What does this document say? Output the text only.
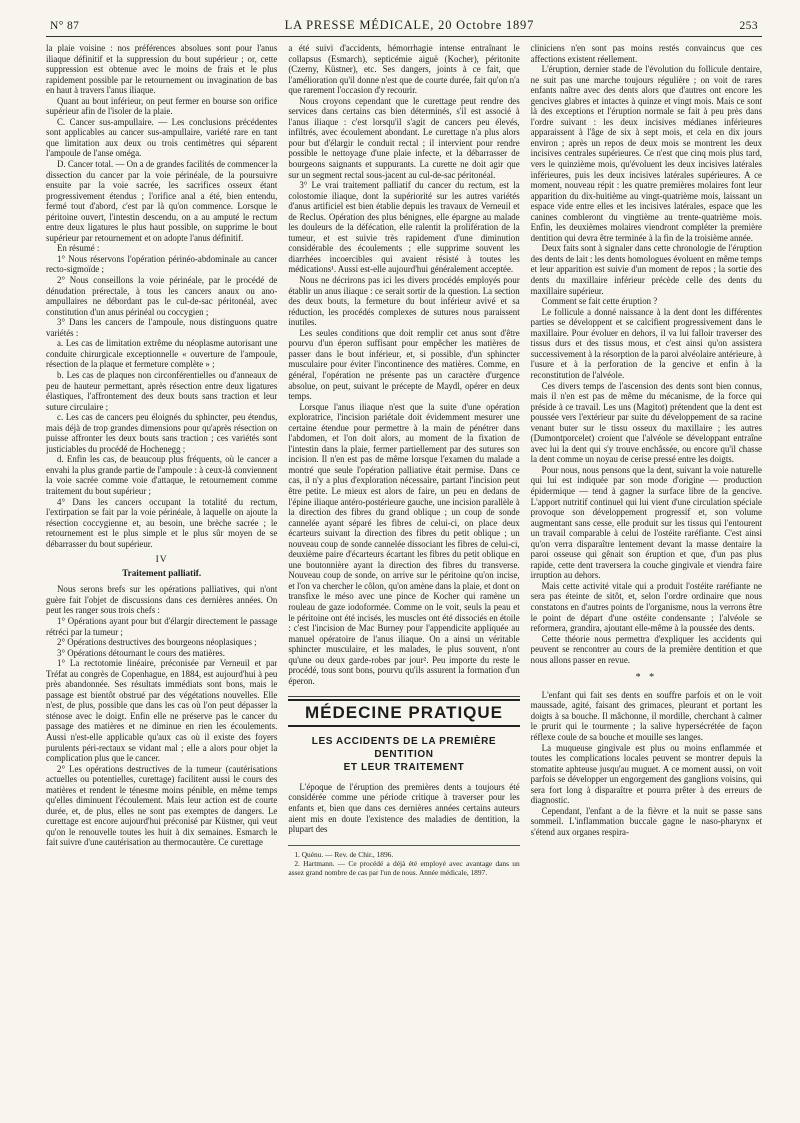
N° 87	LA PRESSE MÉDICALE, 20 Octobre 1897	253

la plaie voisine : nos préférences absolues sont pour l'anus iliaque définitif et la suppression du bout supérieur ; or, cette suppression est obtenue avec le moins de frais et le plus rapidement possible par le retournement ou invagination de bas en haut à travers l'anus iliaque.

Quant au bout inférieur, on peut fermer en bourse son orifice supérieur afin de l'isoler de la plaie.

C. Cancer sus-ampullaire. — Les conclusions précédentes sont applicables au cancer sus-ampullaire, variété rare en tant que limitation aux deux ou trois centimètres qui séparent l'ampoule de l'anse oméga.

D. Cancer total. — On a de grandes facilités de commencer la dissection du cancer par la voie périnéale, de la poursuivre ensuite par la voie sacrée, les sacrifices osseux étant progressivement étendus ; l'orifice anal a été, bien entendu, fermé tout d'abord, c'est par là qu'on commence. Lorsque le péritoine ouvert, l'intestin descendu, on a au amputé le rectum entre deux ligatures le plus haut possible, on supprime le bout supérieur par retournement et on adopte l'anus définitif.

En résumé :

1° Nous réservons l'opération périnéo-abdominale au cancer recto-sigmoïde ;

2° Nous conseillons la voie périnéale, par le procédé de dénudation prérectale, à tous les cancers anaux ou ano-ampullaires ne débordant pas le cul-de-sac péritonéal, avec constitution d'un anus périnéal ou coccygien ;

3° Dans les cancers de l'ampoule, nous distinguons quatre variétés :

a. Les cas de limitation extrême du néoplasme autorisant une conduite chirurgicale exceptionnelle « ouverture de l'ampoule, résection de la plaque et fermeture complète » ;

b. Les cas de plaques non circonférentielles ou d'anneaux de peu de hauteur permettant, après résection entre deux ligatures élastiques, l'affrontement des deux bouts sans traction et leur suture circulaire ;

c. Les cas de cancers peu éloignés du sphincter, peu étendus, mais déjà de trop grandes dimensions pour qu'après résection on puisse affronter les deux bouts sans traction ; ces variétés sont justiciables du procédé de Hochenegg ;

d. Enfin les cas, de beaucoup plus fréquents, où le cancer a envahi la plus grande partie de l'ampoule : à ceux-là conviennent la voie sacrée comme voie d'attaque, le retournement comme traitement du bout supérieur ;

4° Dans les cancers occupant la totalité du rectum, l'extirpation se fait par la voie périnéale, à laquelle on ajoute la résection coccygienne et, au besoin, une brèche sacrée ; le retournement est le plus simple et le plus sûr moyen de se débarrasser du bout supérieur.

IV
Traitement palliatif.

Nous serons brefs sur les opérations palliatives, qui n'ont guère fait l'objet de discussions dans ces dernières années. On peut les ranger sous trois chefs :

1° Opérations ayant pour but d'élargir directement le passage rétréci par la tumeur ;

2° Opérations destructives des bourgeons néoplasiques ;

3° Opérations détournant le cours des matières.

1° La rectotomie linéaire, préconisée par Verneuil et par Tréfat au congrès de Copenhague, en 1884, est aujourd'hui à peu près abandonnée. Ses résultats immédiats sont bons, mais le passage est bientôt obstrué par des végétations nouvelles. Elle n'est, de plus, possible que dans les cas où l'on peut dépasser la sténose avec le doigt. Enfin elle ne préserve pas le cancer du passage des matières et ne diminue en rien les écoulements. Aussi n'est-elle applicable qu'aux cas où il existe des foyers purulents péri-rectaux se vidant mal ; elle a alors pour objet la complication plus que le cancer.

2° Les opérations destructives de la tumeur (cautérisations actuelles ou potentielles, curettage) facilitent aussi le cours des matières et rendent le ténesme moins pénible, en même temps qu'elles diminuent l'écoulement. Mais leur action est de courte durée, et, de plus, elles ne sont pas exemptes de dangers. Le curettage est encore aujourd'hui préconisé par Küstner, qui veut qu'on le renouvelle toutes les huit à dix semaines. Esmarch le fait suivre d'une cautérisation au thermocautère. Ce curettage

a été suivi d'accidents, hémorrhagie intense entraînant le collapsus (Esmarch), septicémie aiguë (Kocher), péritonite (Czerny, Küstner), etc. Ses dangers, joints à ce fait, que l'amélioration qu'il donne n'est que de courte durée, fait qu'on n'a que rarement l'occasion d'y recourir.

Nous croyons cependant que le curettage peut rendre des services dans certains cas bien déterminés, s'il est associé à l'anus iliaque : c'est lorsqu'il s'agit de cancers peu élevés, infiltrés, avec écoulement abondant. Le curettage n'a plus alors pour but d'élargir le conduit rectal ; il intervient pour rendre possible le nettoyage d'une plaie infecte, et la débarrasser de bourgeons saignants et suppurants. La curette ne doit agir que sur un segment rectal sous-jacent au cul-de-sac péritonéal.

3° Le vrai traitement palliatif du cancer du rectum, est la colostomie iliaque, dont la supériorité sur les autres variétés d'anus artificiel est bien établie depuis les travaux de Verneuil et de Reclus. Opération des plus bénignes, elle épargne au malade les douleurs de la défécation, elle ralentit la prolifération de la tumeur, et est suivie très rapidement d'une diminution considérable des écoulements ; elle supprime souvent les diarrhées incoercibles qui avaient résisté à toutes les médications¹. Aussi est-elle aujourd'hui généralement acceptée.

Nous ne décrirons pas ici les divers procédés employés pour établir un anus iliaque : ce serait sortir de la question. La section des deux bouts, la fermeture du bout inférieur avivé et sa réduction, les procédés complexes de sutures nous paraissent inutiles.

Les seules conditions que doit remplir cet anus sont d'être pourvu d'un éperon suffisant pour empêcher les matières de passer dans le bout inférieur, et, si possible, d'un sphincter musculaire pour éviter l'incontinence des matières. Comme, en général, l'opération ne présente pas un caractère d'urgence absolue, on peut, suivant le précepte de Maydl, opérer en deux temps.

Lorsque l'anus iliaque n'est que la suite d'une opération exploratrice, l'incision pariétale doit évidemment mesurer une certaine étendue pour permettre à la main de pénétrer dans l'abdomen, et l'on doit alors, au moment de la fixation de l'intestin dans la plaie, fermer partiellement par des sutures son incision. Il n'en est pas de même lorsque l'examen du malade a montré que seule l'opération palliative était permise. Dans ce cas, il n'y a plus d'exploration nécessaire, partant l'incision peut être petite. Le mieux est alors de faire, un peu en dedans de l'épine iliaque antéro-postérieure gauche, une incision parallèle à la direction des fibres du grand oblique ; un coup de sonde cannelée ayant séparé les fibres de celui-ci, on place deux écarteurs suivant la direction des fibres du petit oblique ; un nouveau coup de sonde cannelée dissociant les fibres de celui-ci, deuxième paire d'écarteurs écartant les fibres du petit oblique en une boutonnière ayant la direction des fibres du transverse. Nouveau coup de sonde, on arrive sur le péritoine qu'on incise, et l'on va chercher le côlon, qu'on amène dans la plaie, et dont on transfixe le méso avec une pince de Kocher qui ramène un rouleau de gaze iodoformée. Comme on le voit, seuls la peau et le péritoine ont été incisés, les muscles ont été dissociés en étoile : c'est l'incision de Mac Burney pour l'appendicite appliquée au manuel opératoire de l'anus iliaque. On a ainsi un véritable sphincter musculaire, et les malades, le plus souvent, n'ont qu'une ou deux garde-robes par jour². Peu importe du reste le procédé, tous sont bons, pourvu qu'ils assurent la formation d'un éperon.

MÉDECINE PRATIQUE
LES ACCIDENTS DE LA PREMIÈRE DENTITION
ET LEUR TRAITEMENT

L'époque de l'éruption des premières dents a toujours été considérée comme une période critique à traverser pour les enfants et, bien que dans ces dernières années certains auteurs aient mis en doute l'existence des maladies de dentition, la plupart des

1. Quénu. — Rev. de Chir., 1896.

2. Hartmann. — Ce procédé a déjà été employé avec avantage dans un assez grand nombre de cas par l'un de nous. Année médicale, 1897.

cliniciens n'en sont pas moins restés convaincus que ces affections existent réellement.

L'éruption, dernier stade de l'évolution du follicule dentaire, ne suit pas une marche toujours régulière ; on voit de rares enfants naître avec des dents alors que d'autres ont encore les gencives glabres et intactes à quinze et vingt mois. Mais ce sont là des exceptions et l'éruption normale se fait à peu près dans l'ordre suivant : les deux incisives médianes inférieures apparaissent à l'âge de six à sept mois, et cela en dix jours environ ; après un repos de deux mois se montrent les deux incisives centrales supérieures. Ce n'est que cinq mois plus tard, vers le quinzième mois, qu'évoluent les deux incisives latérales inférieures, puis les deux incisives latérales supérieures. A ce moment, nouveau répit : les quatre premières molaires font leur apparition du dix-huitième au vingt-quatrième mois, laissant un espace vide entre elles et les incisives latérales, espace que les canines combleront du vingtième au trente-quatrième mois. Enfin, les deuxièmes molaires viendront compléter la première dentition qui devra être terminée à la fin de la troisième année.

Deux faits sont à signaler dans cette chronologie de l'éruption des dents de lait : les dents homologues évoluent en même temps et leur apparition est suivie d'un moment de repos ; la sortie des dents du maxillaire inférieur précède celle des dents du maxillaire supérieur.

Comment se fait cette éruption ?

Le follicule a donné naissance à la dent dont les différentes parties se développent et se calcifient progressivement dans le maxillaire. Pour évoluer en dehors, il va lui falloir traverser des tissus durs et des tissus mous, et c'est ainsi qu'on assistera successivement à la résorption de la paroi alvéolaire antérieure, à l'usure et à la perforation de la gencive et enfin à la reconstitution de l'alvéole.

Ces divers temps de l'ascension des dents sont bien connus, mais il n'en est pas de même du mécanisme, de la force qui préside à ce travail. Les uns (Magitot) prétendent que la dent est poussée vers l'extérieur par suite du développement de sa racine venant buter sur le tissu osseux du maxillaire ; les autres (Dumontporcelet) croient que l'alvéole se développant entraîne avec lui la dent qui s'y trouve enchâssée, ou encore qu'il chasse la dent comme un noyau de cerise pressé entre les doigts.

Pour nous, nous pensons que la dent, suivant la voie naturelle qui lui est indiquée par son mode d'origine — production épidermique — tend à gagner la surface libre de la gencive. L'apport nutritif continuel qui lui vient d'une circulation spéciale provoque son développement progressif et, son volume augmentant sans cesse, elle produit sur les tissus qui l'entourent un travail comparable à celui de l'ostéite raréfiante. C'est ainsi qu'on verra disparaître lentement devant la masse dentaire la paroi osseuse qui gênait son éruption et que, d'un pas plus rapide, cette dent traversera la couche gingivale et viendra faire irruption au dehors.

Mais cette activité vitale qui a produit l'ostéite raréfiante ne sera pas éteinte de sitôt, et, selon l'ordre ordinaire que nous constatons en d'autres points de l'organisme, nous la verrons être le point de départ d'une ostéite condensante ; l'alvéole se reformera, grandira, ajoutant elle-même à la poussée des dents.

Cette théorie nous permettra d'expliquer les accidents qui peuvent se rencontrer au cours de la première dentition et que nous allons passer en revue.

* *

L'enfant qui fait ses dents en souffre parfois et on le voit maussade, agité, faisant des grimaces, pleurant et portant les doigts à sa bouche. Il mâchonne, il mordille, cherchant à calmer le prurit qui le tourmente ; la salive hypersécrétée de façon réflexe coule de sa bouche et mouille ses langes.

La muqueuse gingivale est plus ou moins enflammée et toutes les complications locales peuvent se montrer depuis la stomatite aphteuse jusqu'au muguet. A ce moment aussi, on voit parfois se développer un engorgement des ganglions voisins, qui sera fort long à disparaître et pourra prêter à des erreurs de diagnostic.

Cependant, l'enfant a de la fièvre et la nuit se passe sans sommeil. L'inflammation buccale gagne le naso-pharynx et s'étend aux organes respira-
